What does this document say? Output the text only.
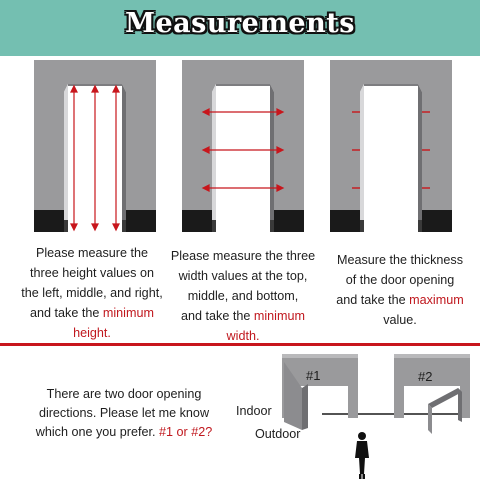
Measurements
Please measure the
three height values on
the left, middle, and right,
and take the minimum
height.
Please measure the three
width values at the top,
middle, and bottom,
and take the minimum
width.
Measure the thickness
of the door opening
and take the maximum
value.
There are two door opening
directions. Please let me know
which one you prefer. #1 or #2?
#1	#2
Indoor
Outdoor
